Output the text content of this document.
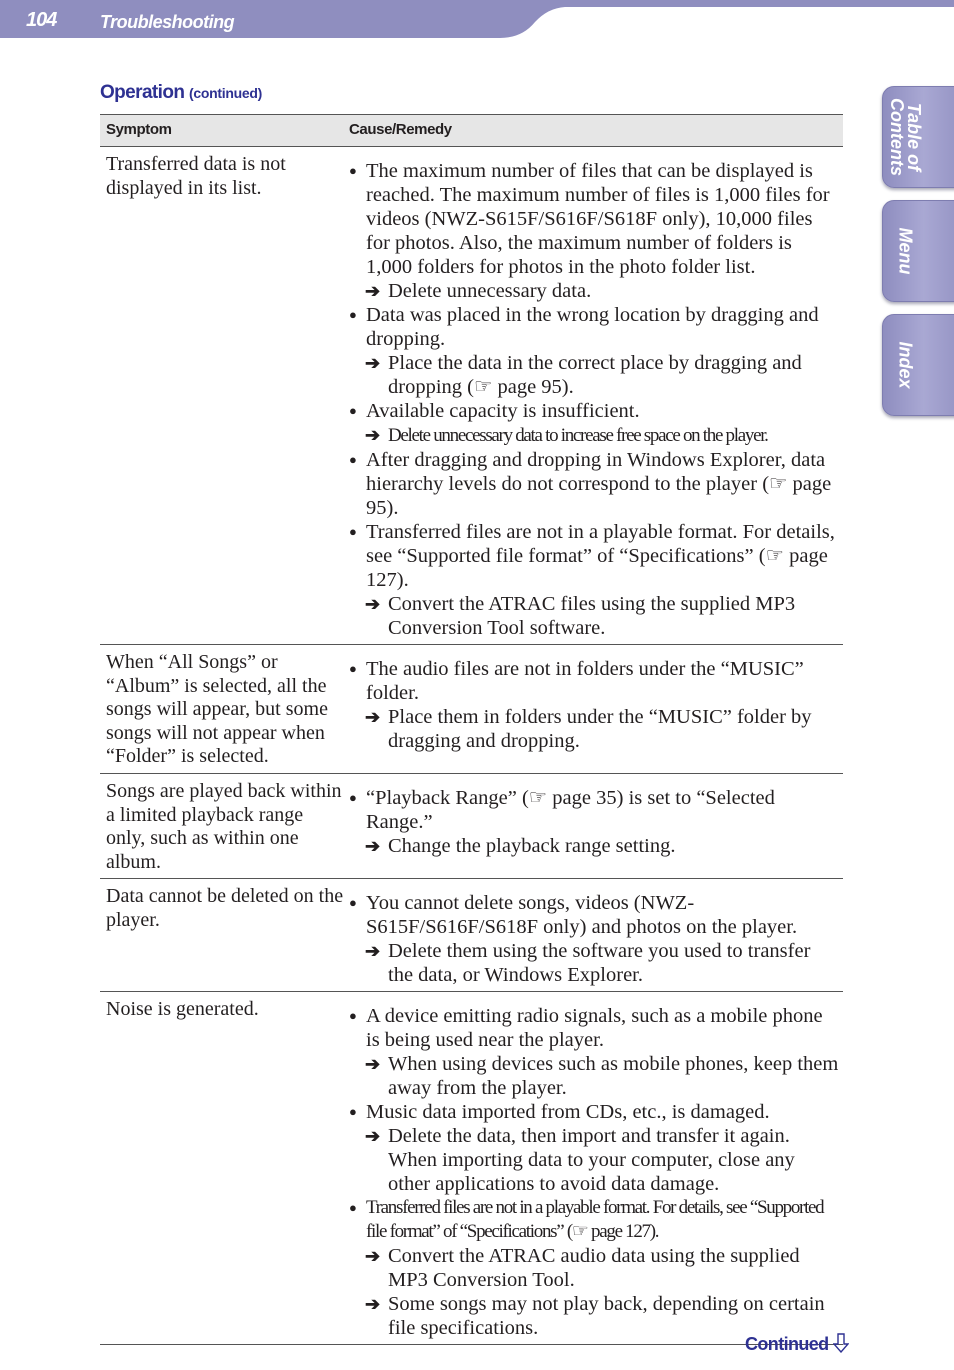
104 Troubleshooting
Table of Contents
Menu
Index
Operation (continued)
Symptom	Cause/Remedy
Transferred data is not displayed in its list.
● The maximum number of files that can be displayed is reached. The maximum number of files is 1,000 files for videos (NWZ-S615F/S616F/S618F only), 10,000 files for photos. Also, the maximum number of folders is 1,000 folders for photos in the photo folder list.
➔ Delete unnecessary data.
● Data was placed in the wrong location by dragging and dropping.
➔ Place the data in the correct place by dragging and dropping (☞ page 95).
● Available capacity is insufficient.
➔ Delete unnecessary data to increase free space on the player.
● After dragging and dropping in Windows Explorer, data hierarchy levels do not correspond to the player (☞ page 95).
● Transferred files are not in a playable format. For details, see “Supported file format” of “Specifications” (☞ page 127).
➔ Convert the ATRAC files using the supplied MP3 Conversion Tool software.
When “All Songs” or “Album” is selected, all the songs will appear, but some songs will not appear when “Folder” is selected.
● The audio files are not in folders under the “MUSIC” folder.
➔ Place them in folders under the “MUSIC” folder by dragging and dropping.
Songs are played back within a limited playback range only, such as within one album.
● “Playback Range” (☞ page 35) is set to “Selected Range.”
➔ Change the playback range setting.
Data cannot be deleted on the player.
● You cannot delete songs, videos (NWZ-S615F/S616F/S618F only) and photos on the player.
➔ Delete them using the software you used to transfer the data, or Windows Explorer.
Noise is generated.
●	A device emitting radio signals, such as a mobile phone is being used near the player.
➔ When using devices such as mobile phones, keep them away from the player.
● Music data imported from CDs, etc., is damaged.
➔ Delete the data, then import and transfer it again. When importing data to your computer, close any other applications to avoid data damage.
● Transferred files are not in a playable format. For details, see “Supported file format” of “Specifications” (☞ page 127).
➔ Convert the ATRAC audio data using the supplied MP3 Conversion Tool.
➔ Some songs may not play back, depending on certain file specifications.
Continued
